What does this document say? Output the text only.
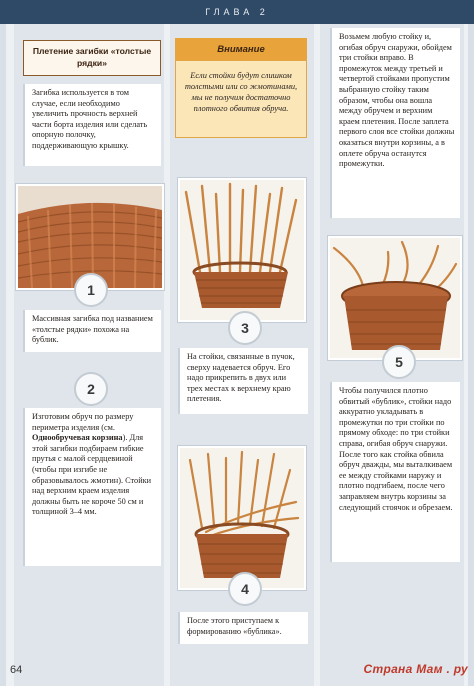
ГЛАВА 2
Плетение загибки «толстые рядки»
Загибка используется в том случае, если необходимо увеличить прочность верхней части борта изделия или сделать опорную полочку, поддерживающую крышку.
1
Массивная загибка под названием «толстые рядки» похожа на бублик.
2
Изготовим обруч по размеру периметра изделия (см. Однообручевая корзина). Для этой загибки подбираем гибкие прутья с малой сердцевиной (чтобы при изгибе не образовывалось жмотин). Стойки над верхним краем изделия должны быть не короче 50 см и толщиной 3–4 мм.
Внимание
Если стойки будут слишком толстыми или со жмотинами, мы не получим достаточно плотного обвития обруча.
3
На стойки, связанные в пучок, сверху надевается обруч. Его надо прикрепить в двух или трех местах к верхнему краю плетения.
4
После этого приступаем к формированию «бублика».
Возьмем любую стойку и, огибая обруч снаружи, обойдем три стойки вправо. В промежуток между третьей и четвертой стойками пропустим выбранную стойку таким образом, чтобы она вошла между обручем и верхним краем плетения. После заплета первого слоя все стойки должны оказаться внутри корзины, а в оплете обруча останутся промежутки.
5
Чтобы получился плотно обвитый «бублик», стойки надо аккуратно укладывать в промежутки по три стойки по прямому обходе: по три стойки справа, огибая обруч снаружи. После того как стойка обвила обруч дважды, мы выталкиваем ее между стойками наружу и плотно подгибаем, после чего заправляем внутрь корзины за следующий стоячок и обрезаем.
64	Страна Мам . ру
